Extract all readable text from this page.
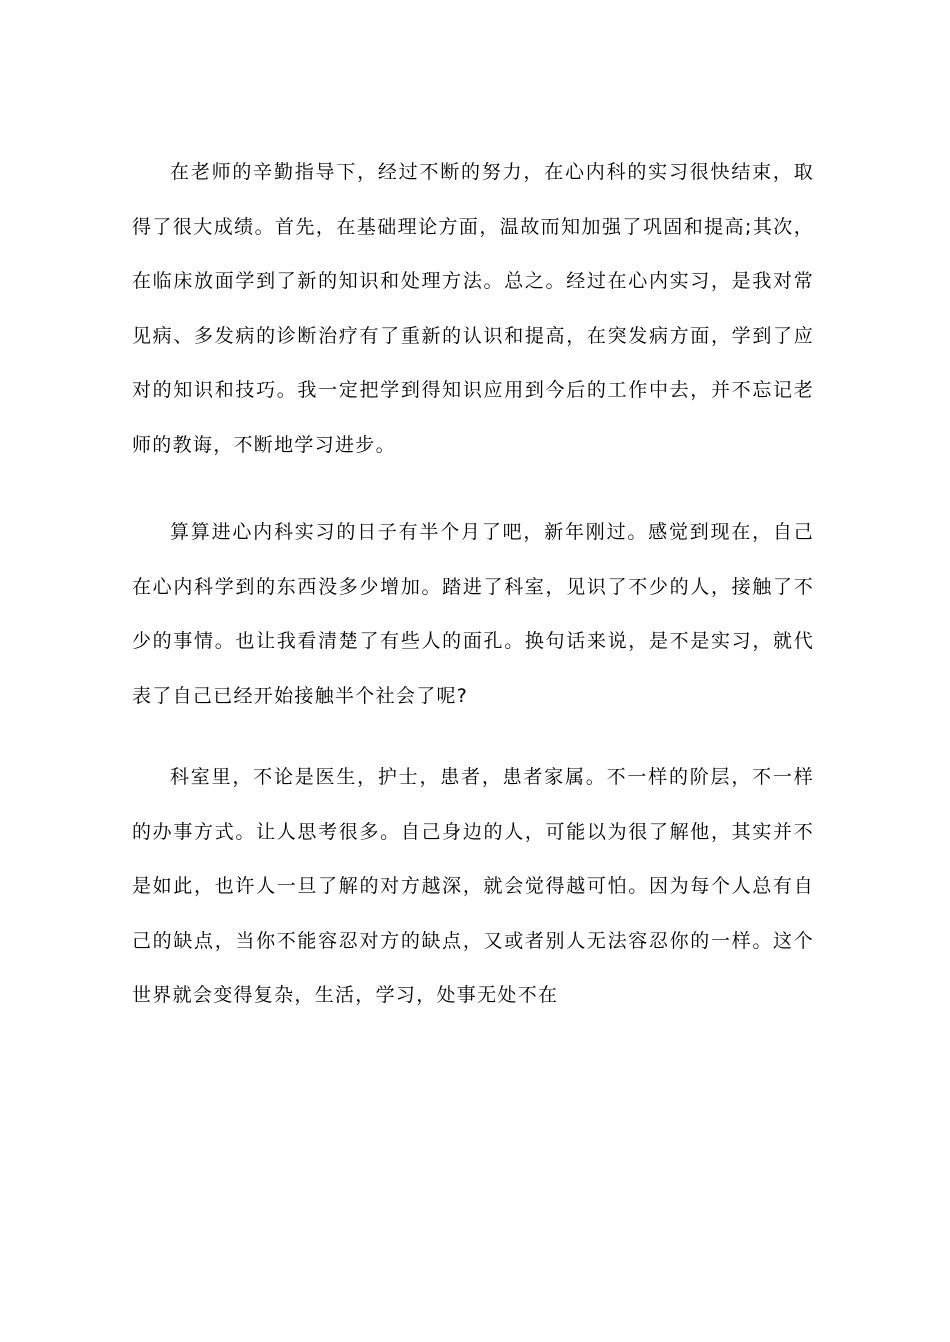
在老师的辛勤指导下，经过不断的努力，在心内科的实习很快结束，取得了很大成绩。首先，在基础理论方面，温故而知加强了巩固和提高;其次，在临床放面学到了新的知识和处理方法。总之。经过在心内实习，是我对常见病、多发病的诊断治疗有了重新的认识和提高，在突发病方面，学到了应对的知识和技巧。我一定把学到得知识应用到今后的工作中去，并不忘记老师的教诲，不断地学习进步。

算算进心内科实习的日子有半个月了吧，新年刚过。感觉到现在，自己在心内科学到的东西没多少增加。踏进了科室，见识了不少的人，接触了不少的事情。也让我看清楚了有些人的面孔。换句话来说，是不是实习，就代表了自己已经开始接触半个社会了呢?

科室里，不论是医生，护士，患者，患者家属。不一样的阶层，不一样的办事方式。让人思考很多。自己身边的人，可能以为很了解他，其实并不是如此，也许人一旦了解的对方越深，就会觉得越可怕。因为每个人总有自己的缺点，当你不能容忍对方的缺点，又或者别人无法容忍你的一样。这个世界就会变得复杂，生活，学习，处事无处不在
